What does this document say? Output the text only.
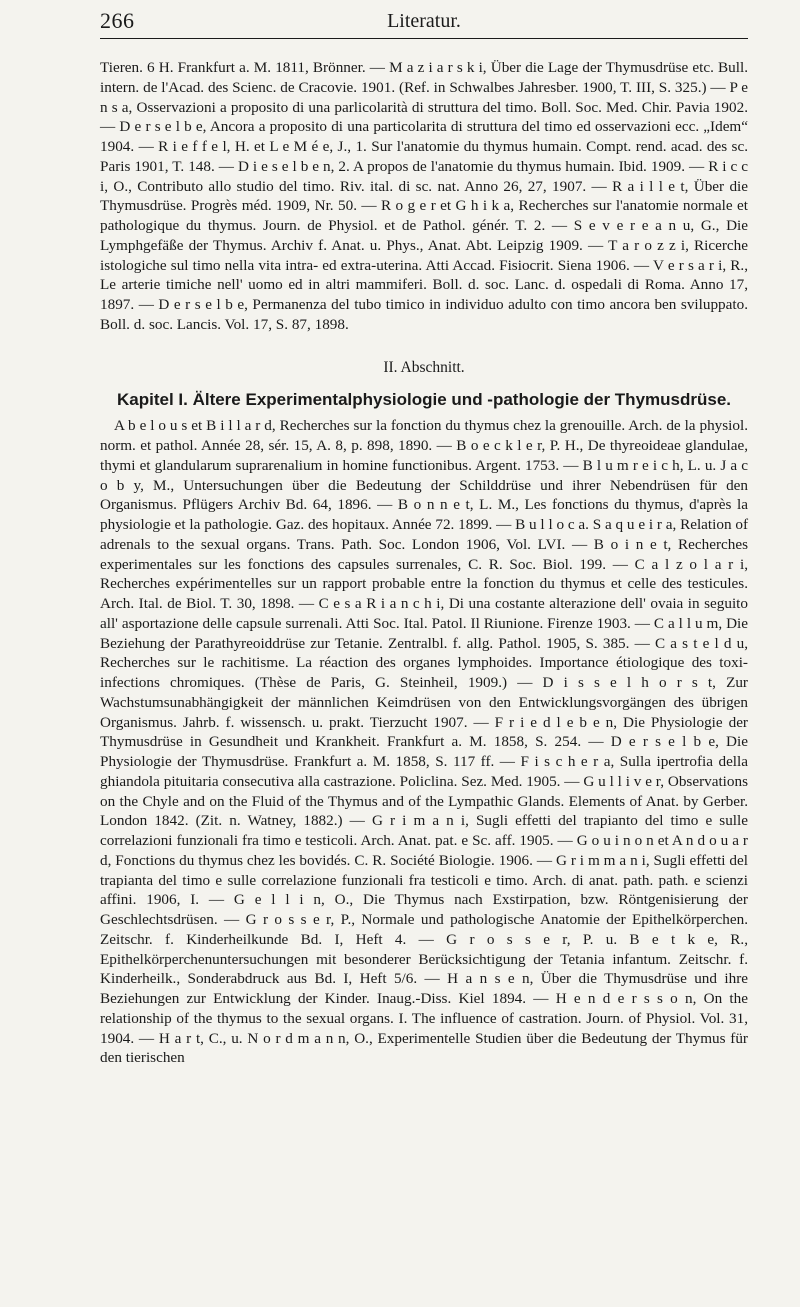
266	Literatur.

Tieren. 6 H. Frankfurt a. M. 1811, Brönner. — M a z i a r s k i, Über die Lage der Thymusdrüse etc. Bull. intern. de l'Acad. des Scienc. de Cracovie. 1901. (Ref. in Schwalbes Jahresber. 1900, T. III, S. 325.) — P e n s a, Osservazioni a proposito di una parlicolarità di struttura del timo. Boll. Soc. Med. Chir. Pavia 1902. — D e r s e l b e, Ancora a proposito di una particolarita di struttura del timo ed osservazioni ecc. „Idem“ 1904. — R i e f f e l, H. et L e M é e, J., 1. Sur l'anatomie du thymus humain. Compt. rend. acad. des sc. Paris 1901, T. 148. — D i e s e l b e n, 2. A propos de l'anatomie du thymus humain. Ibid. 1909. — R i c c i, O., Contributo allo studio del timo. Riv. ital. di sc. nat. Anno 26, 27, 1907. — R a i l l e t, Über die Thymusdrüse. Progrès méd. 1909, Nr. 50. — R o g e r et G h i k a, Recherches sur l'anatomie normale et pathologique du thymus. Journ. de Physiol. et de Pathol. génér. T. 2. — S e v e r e a n u, G., Die Lymphgefäße der Thymus. Archiv f. Anat. u. Phys., Anat. Abt. Leipzig 1909. — T a r o z z i, Ricerche istologiche sul timo nella vita intra- ed extra-uterina. Atti Accad. Fisiocrit. Siena 1906. — V e r s a r i, R., Le arterie timiche nell' uomo ed in altri mammiferi. Boll. d. soc. Lanc. d. ospedali di Roma. Anno 17, 1897. — D e r s e l b e, Permanenza del tubo timico in individuo adulto con timo ancora ben sviluppato. Boll. d. soc. Lancis. Vol. 17, S. 87, 1898.

II. Abschnitt.
Kapitel I. Ältere Experimentalphysiologie und -pathologie der Thymusdrüse.

A b e l o u s et B i l l a r d, Recherches sur la fonction du thymus chez la grenouille. Arch. de la physiol. norm. et pathol. Année 28, sér. 15, A. 8, p. 898, 1890. — B o e c k l e r, P. H., De thyreoideae glandulae, thymi et glandularum suprarenalium in homine functionibus. Argent. 1753. — B l u m r e i c h, L. u. J a c o b y, M., Untersuchungen über die Bedeutung der Schilddrüse und ihrer Nebendrüsen für den Organismus. Pflügers Archiv Bd. 64, 1896. — B o n n e t, L. M., Les fonctions du thymus, d'après la physiologie et la pathologie. Gaz. des hopitaux. Année 72. 1899. — B u l l o c a. S a q u e i r a, Relation of adrenals to the sexual organs. Trans. Path. Soc. London 1906, Vol. LVI. — B o i n e t, Recherches experimentales sur les fonctions des capsules surrenales, C. R. Soc. Biol. 199. — C a l z o l a r i, Recherches expérimentelles sur un rapport probable entre la fonction du thymus et celle des testicules. Arch. Ital. de Biol. T. 30, 1898. — C e s a R i a n c h i, Di una costante alterazione dell' ovaia in seguito all' asportazione delle capsule surrenali. Atti Soc. Ital. Patol. Il Riunione. Firenze 1903. — C a l l u m, Die Beziehung der Parathyreoiddrüse zur Tetanie. Zentralbl. f. allg. Pathol. 1905, S. 385. — C a s t e l d u, Recherches sur le rachitisme. La réaction des organes lymphoides. Importance étiologique des toxi-infections chromiques. (Thèse de Paris, G. Steinheil, 1909.) — D i s s e l h o r s t, Zur Wachstumsunabhängigkeit der männlichen Keimdrüsen von den Entwicklungsvorgängen des übrigen Organismus. Jahrb. f. wissensch. u. prakt. Tierzucht 1907. — F r i e d l e b e n, Die Physiologie der Thymusdrüse in Gesundheit und Krankheit. Frankfurt a. M. 1858, S. 254. — D e r s e l b e, Die Physiologie der Thymusdrüse. Frankfurt a. M. 1858, S. 117 ff. — F i s c h e r a, Sulla ipertrofia della ghiandola pituitaria consecutiva alla castrazione. Policlina. Sez. Med. 1905. — G u l l i v e r, Observations on the Chyle and on the Fluid of the Thymus and of the Lympathic Glands. Elements of Anat. by Gerber. London 1842. (Zit. n. Watney, 1882.) — G r i m a n i, Sugli effetti del trapianto del timo e sulle correlazioni funzionali fra timo e testicoli. Arch. Anat. pat. e Sc. aff. 1905. — G o u i n o n et A n d o u a r d, Fonctions du thymus chez les bovidés. C. R. Société Biologie. 1906. — G r i m m a n i, Sugli effetti del trapianta del timo e sulle correlazione funzionali fra testicoli e timo. Arch. di anat. path. path. e scienzi affini. 1906, I. — G e l l i n, O., Die Thymus nach Exstirpation, bzw. Röntgenisierung der Geschlechtsdrüsen. — G r o s s e r, P., Normale und pathologische Anatomie der Epithelkörperchen. Zeitschr. f. Kinderheilkunde Bd. I, Heft 4. — G r o s s e r, P. u. B e t k e, R., Epithelkörperchenuntersuchungen mit besonderer Berücksichtigung der Tetania infantum. Zeitschr. f. Kinderheilk., Sonderabdruck aus Bd. I, Heft 5/6. — H a n s e n, Über die Thymusdrüse und ihre Beziehungen zur Entwicklung der Kinder. Inaug.-Diss. Kiel 1894. — H e n d e r s s o n, On the relationship of the thymus to the sexual organs. I. The influence of castration. Journ. of Physiol. Vol. 31, 1904. — H a r t, C., u. N o r d m a n n, O., Experimentelle Studien über die Bedeutung der Thymus für den tierischen
